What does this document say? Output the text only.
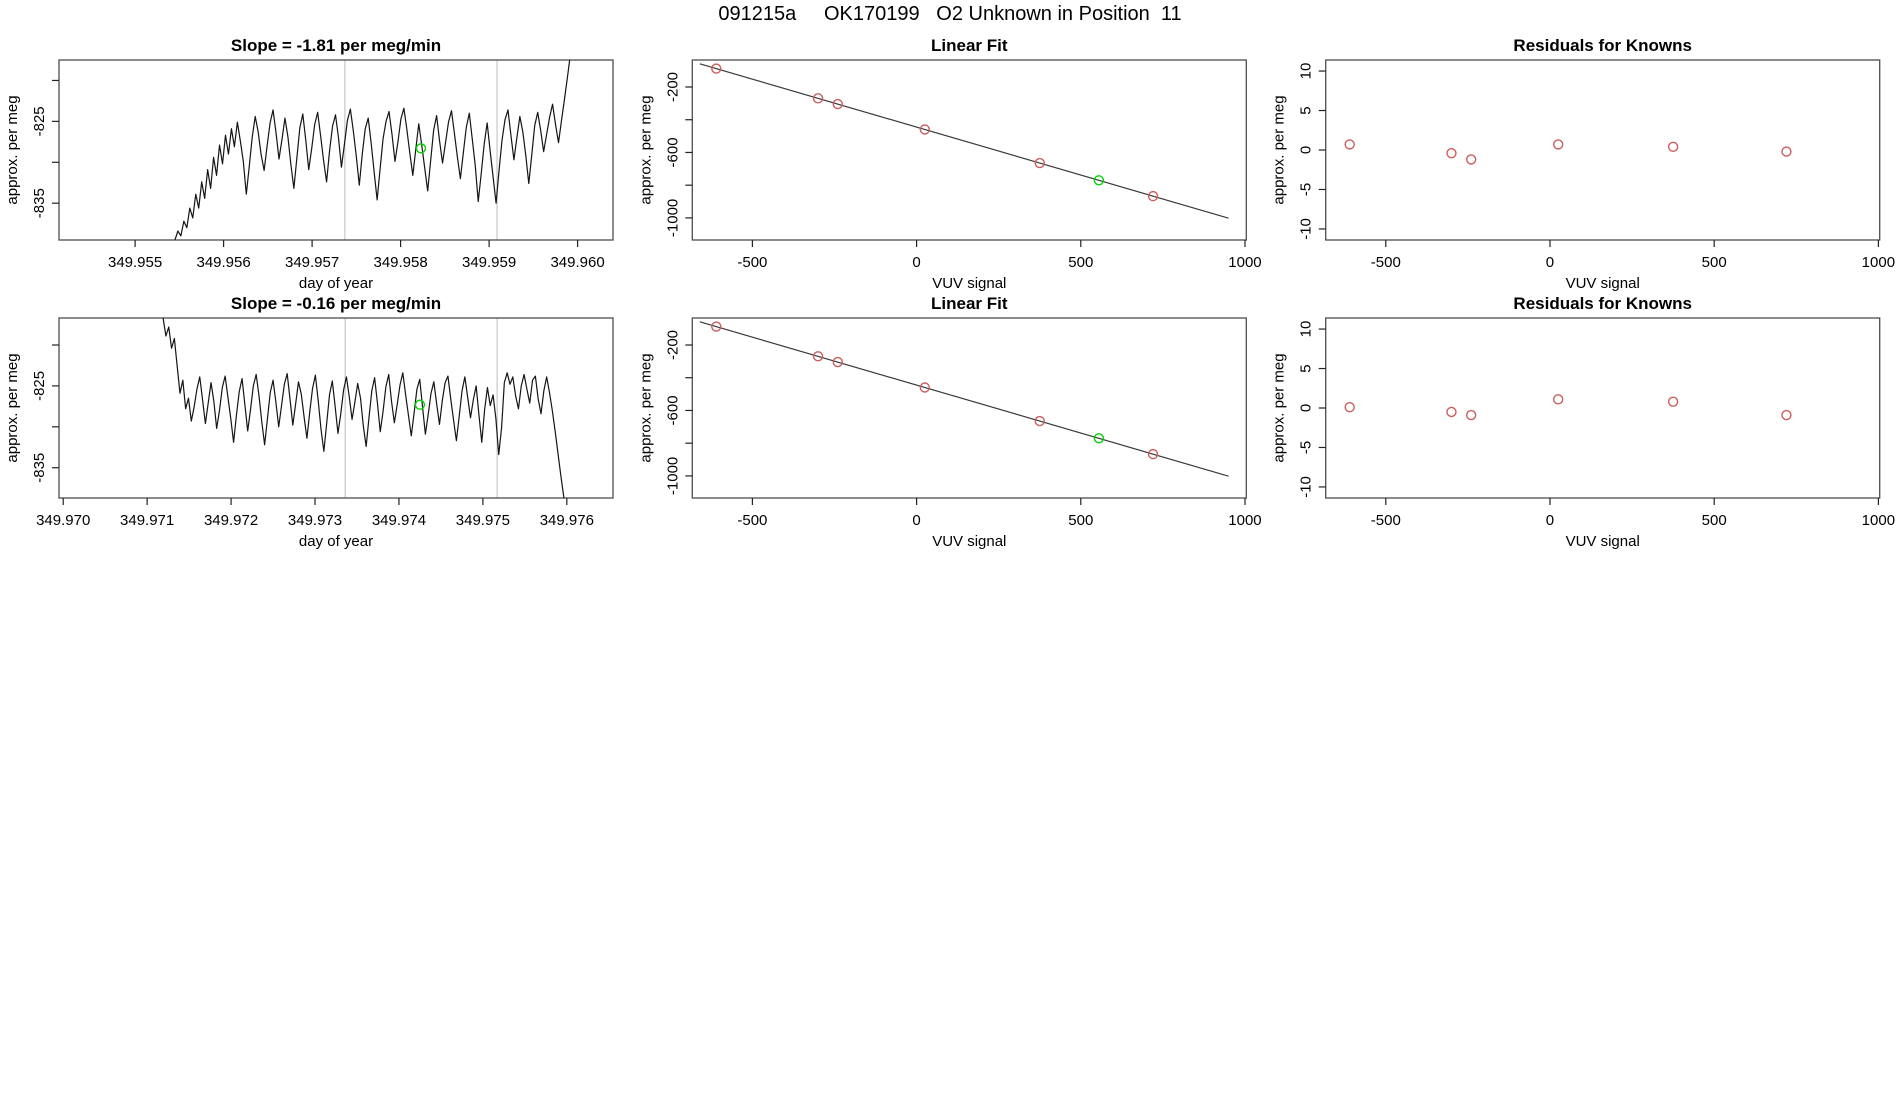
091215a     OK170199   O2 Unknown in Position  11
349.955 349.956 349.957 349.958 349.959 349.960
-825
-835
day of year
approx. per meg
Slope = -1.81 per meg/min
-500	0	500	1000
-200
-600
-1000
VUV signal
approx. per meg
Linear Fit
-500	0	500	1000
10
5
0
-5
-10
VUV signal
approx. per meg
Residuals for Knowns
349.970 349.971 349.972 349.973 349.974 349.975 349.976
-825
-835
day of year
approx. per meg
Slope = -0.16 per meg/min
-500	0	500	1000
-200
-600
-1000
VUV signal
approx. per meg
Linear Fit
-500	0	500	1000
10
5
0
-5
-10
VUV signal
approx. per meg
Residuals for Knowns
